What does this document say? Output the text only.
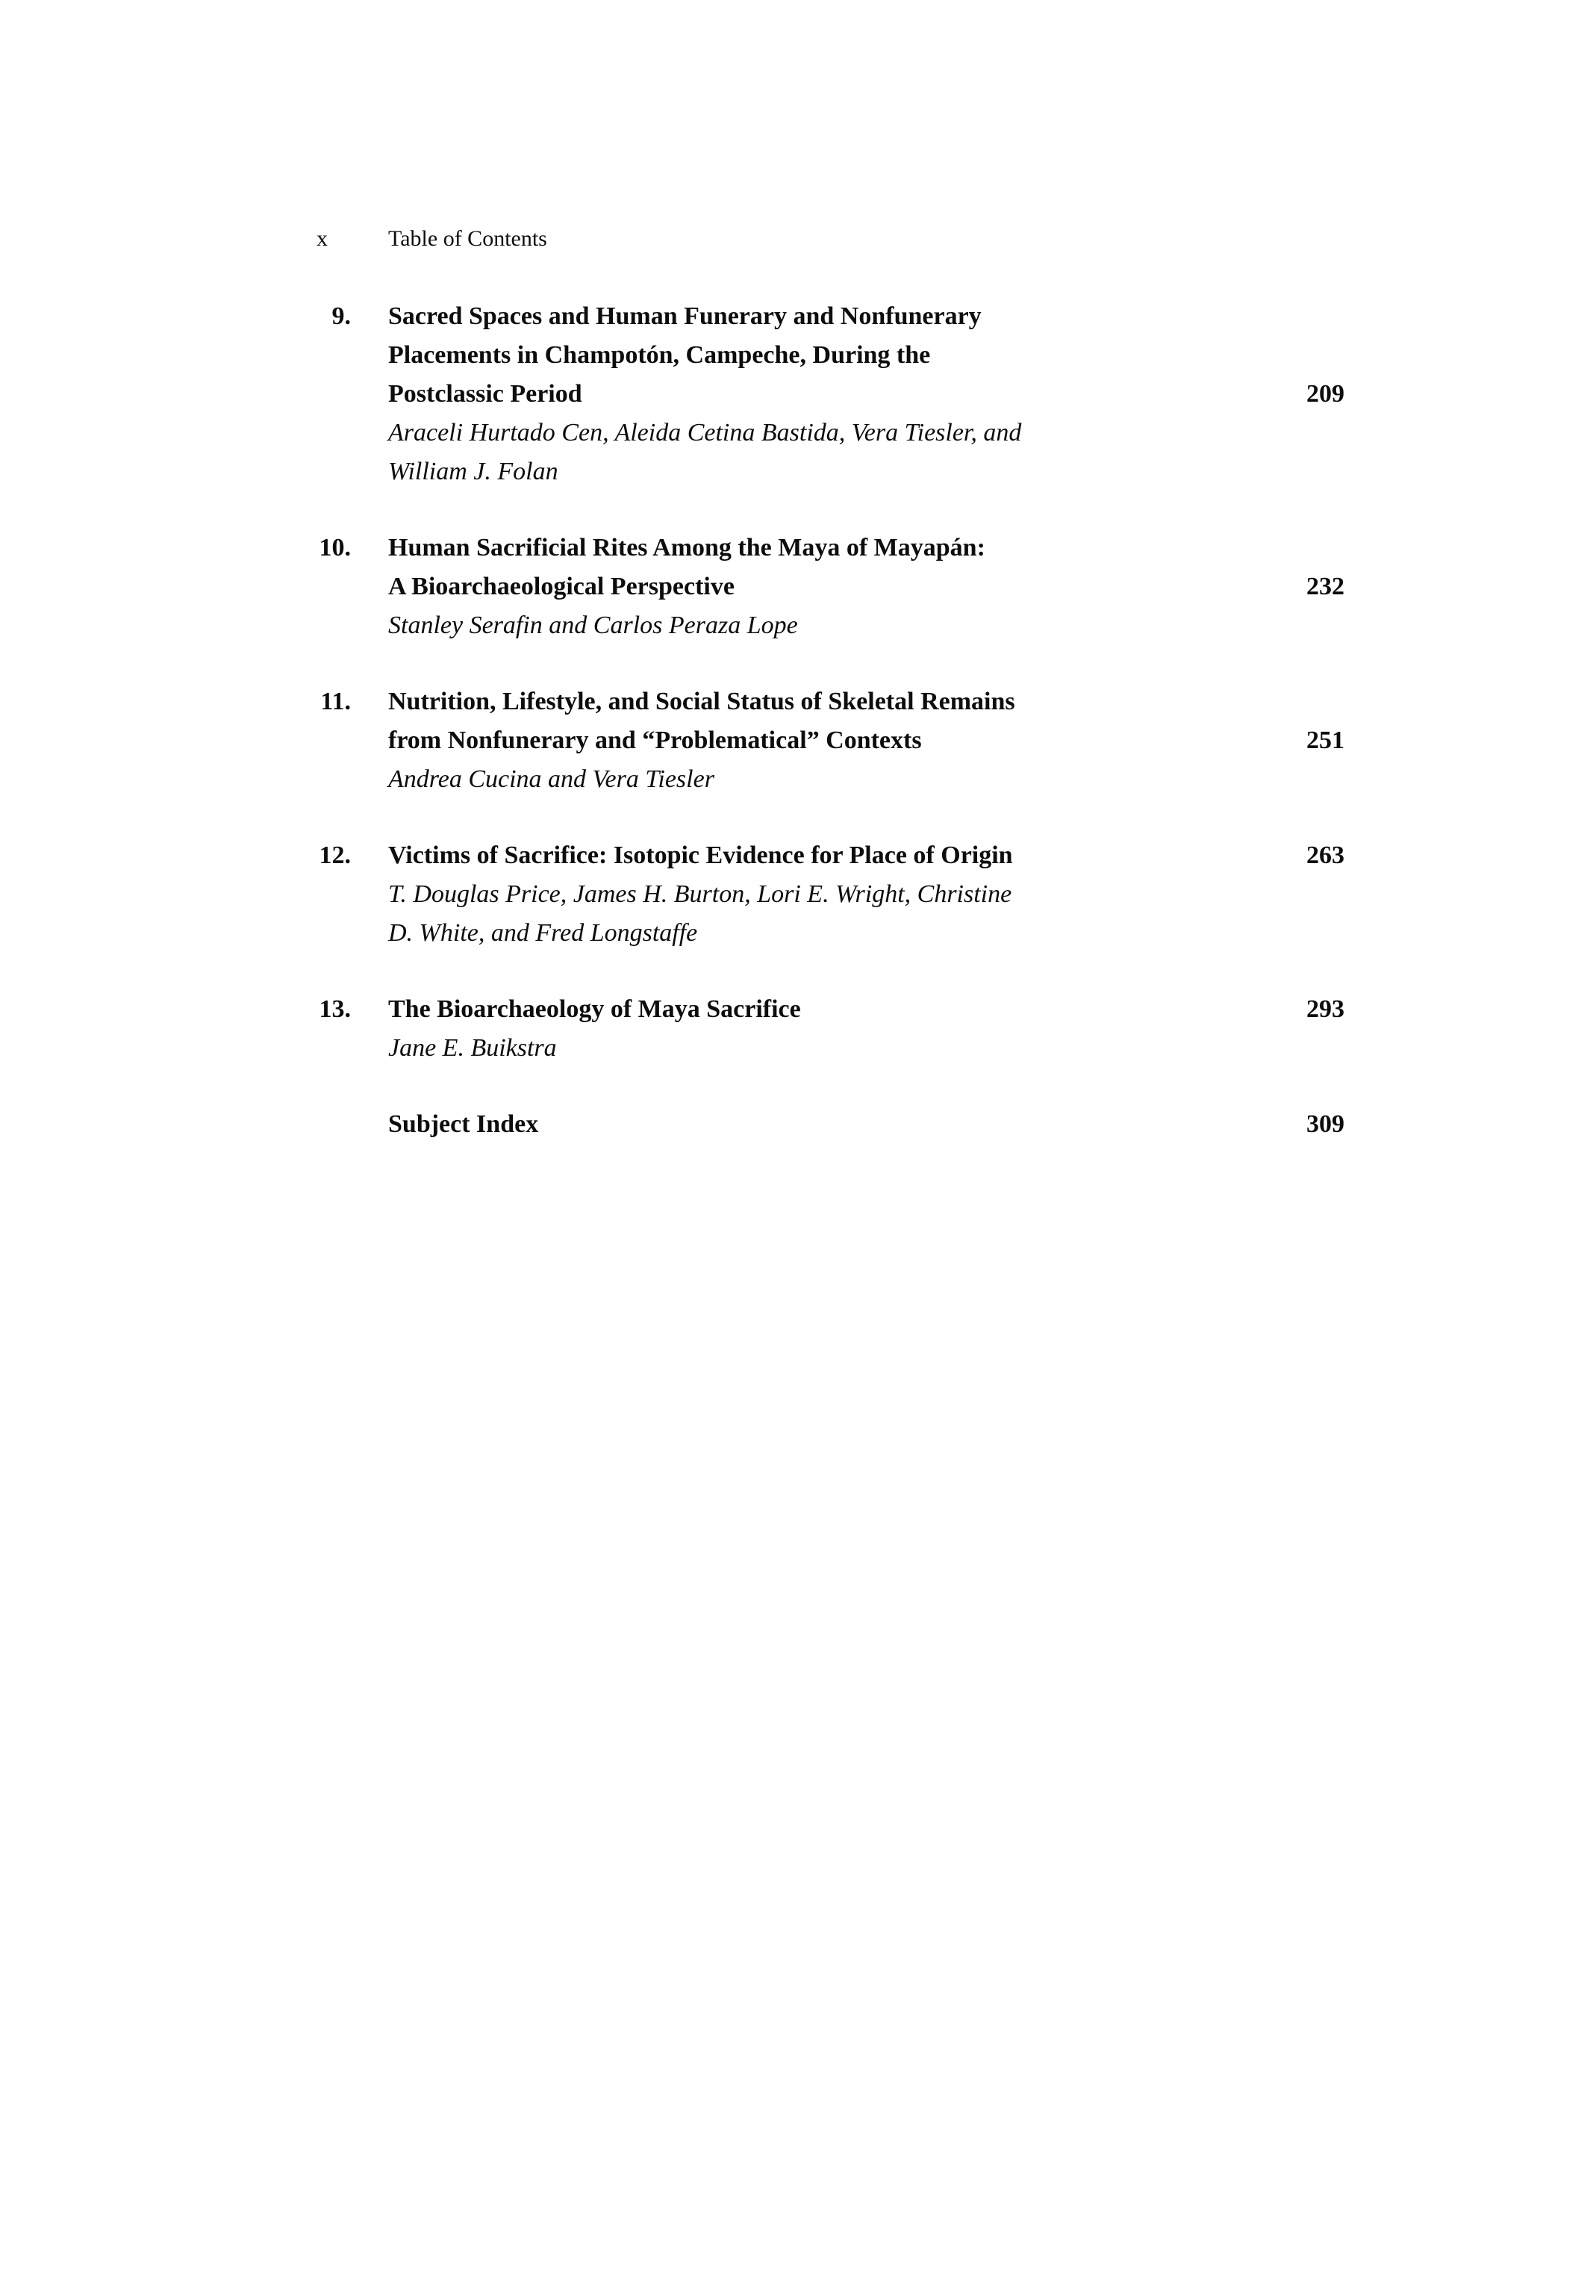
x	Table of Contents
9. Sacred Spaces and Human Funerary and Nonfunerary
Placements in Champotón, Campeche, During the
Postclassic Period	209
Araceli Hurtado Cen, Aleida Cetina Bastida, Vera Tiesler, and
William J. Folan
10. Human Sacrificial Rites Among the Maya of Mayapán:
A Bioarchaeological Perspective	232
Stanley Serafin and Carlos Peraza Lope
11. Nutrition, Lifestyle, and Social Status of Skeletal Remains
from Nonfunerary and “Problematical” Contexts	251
Andrea Cucina and Vera Tiesler
12. Victims of Sacrifice: Isotopic Evidence for Place of Origin	263
T. Douglas Price, James H. Burton, Lori E. Wright, Christine
D. White, and Fred Longstaffe
13. The Bioarchaeology of Maya Sacrifice	293
Jane E. Buikstra
Subject Index	309
